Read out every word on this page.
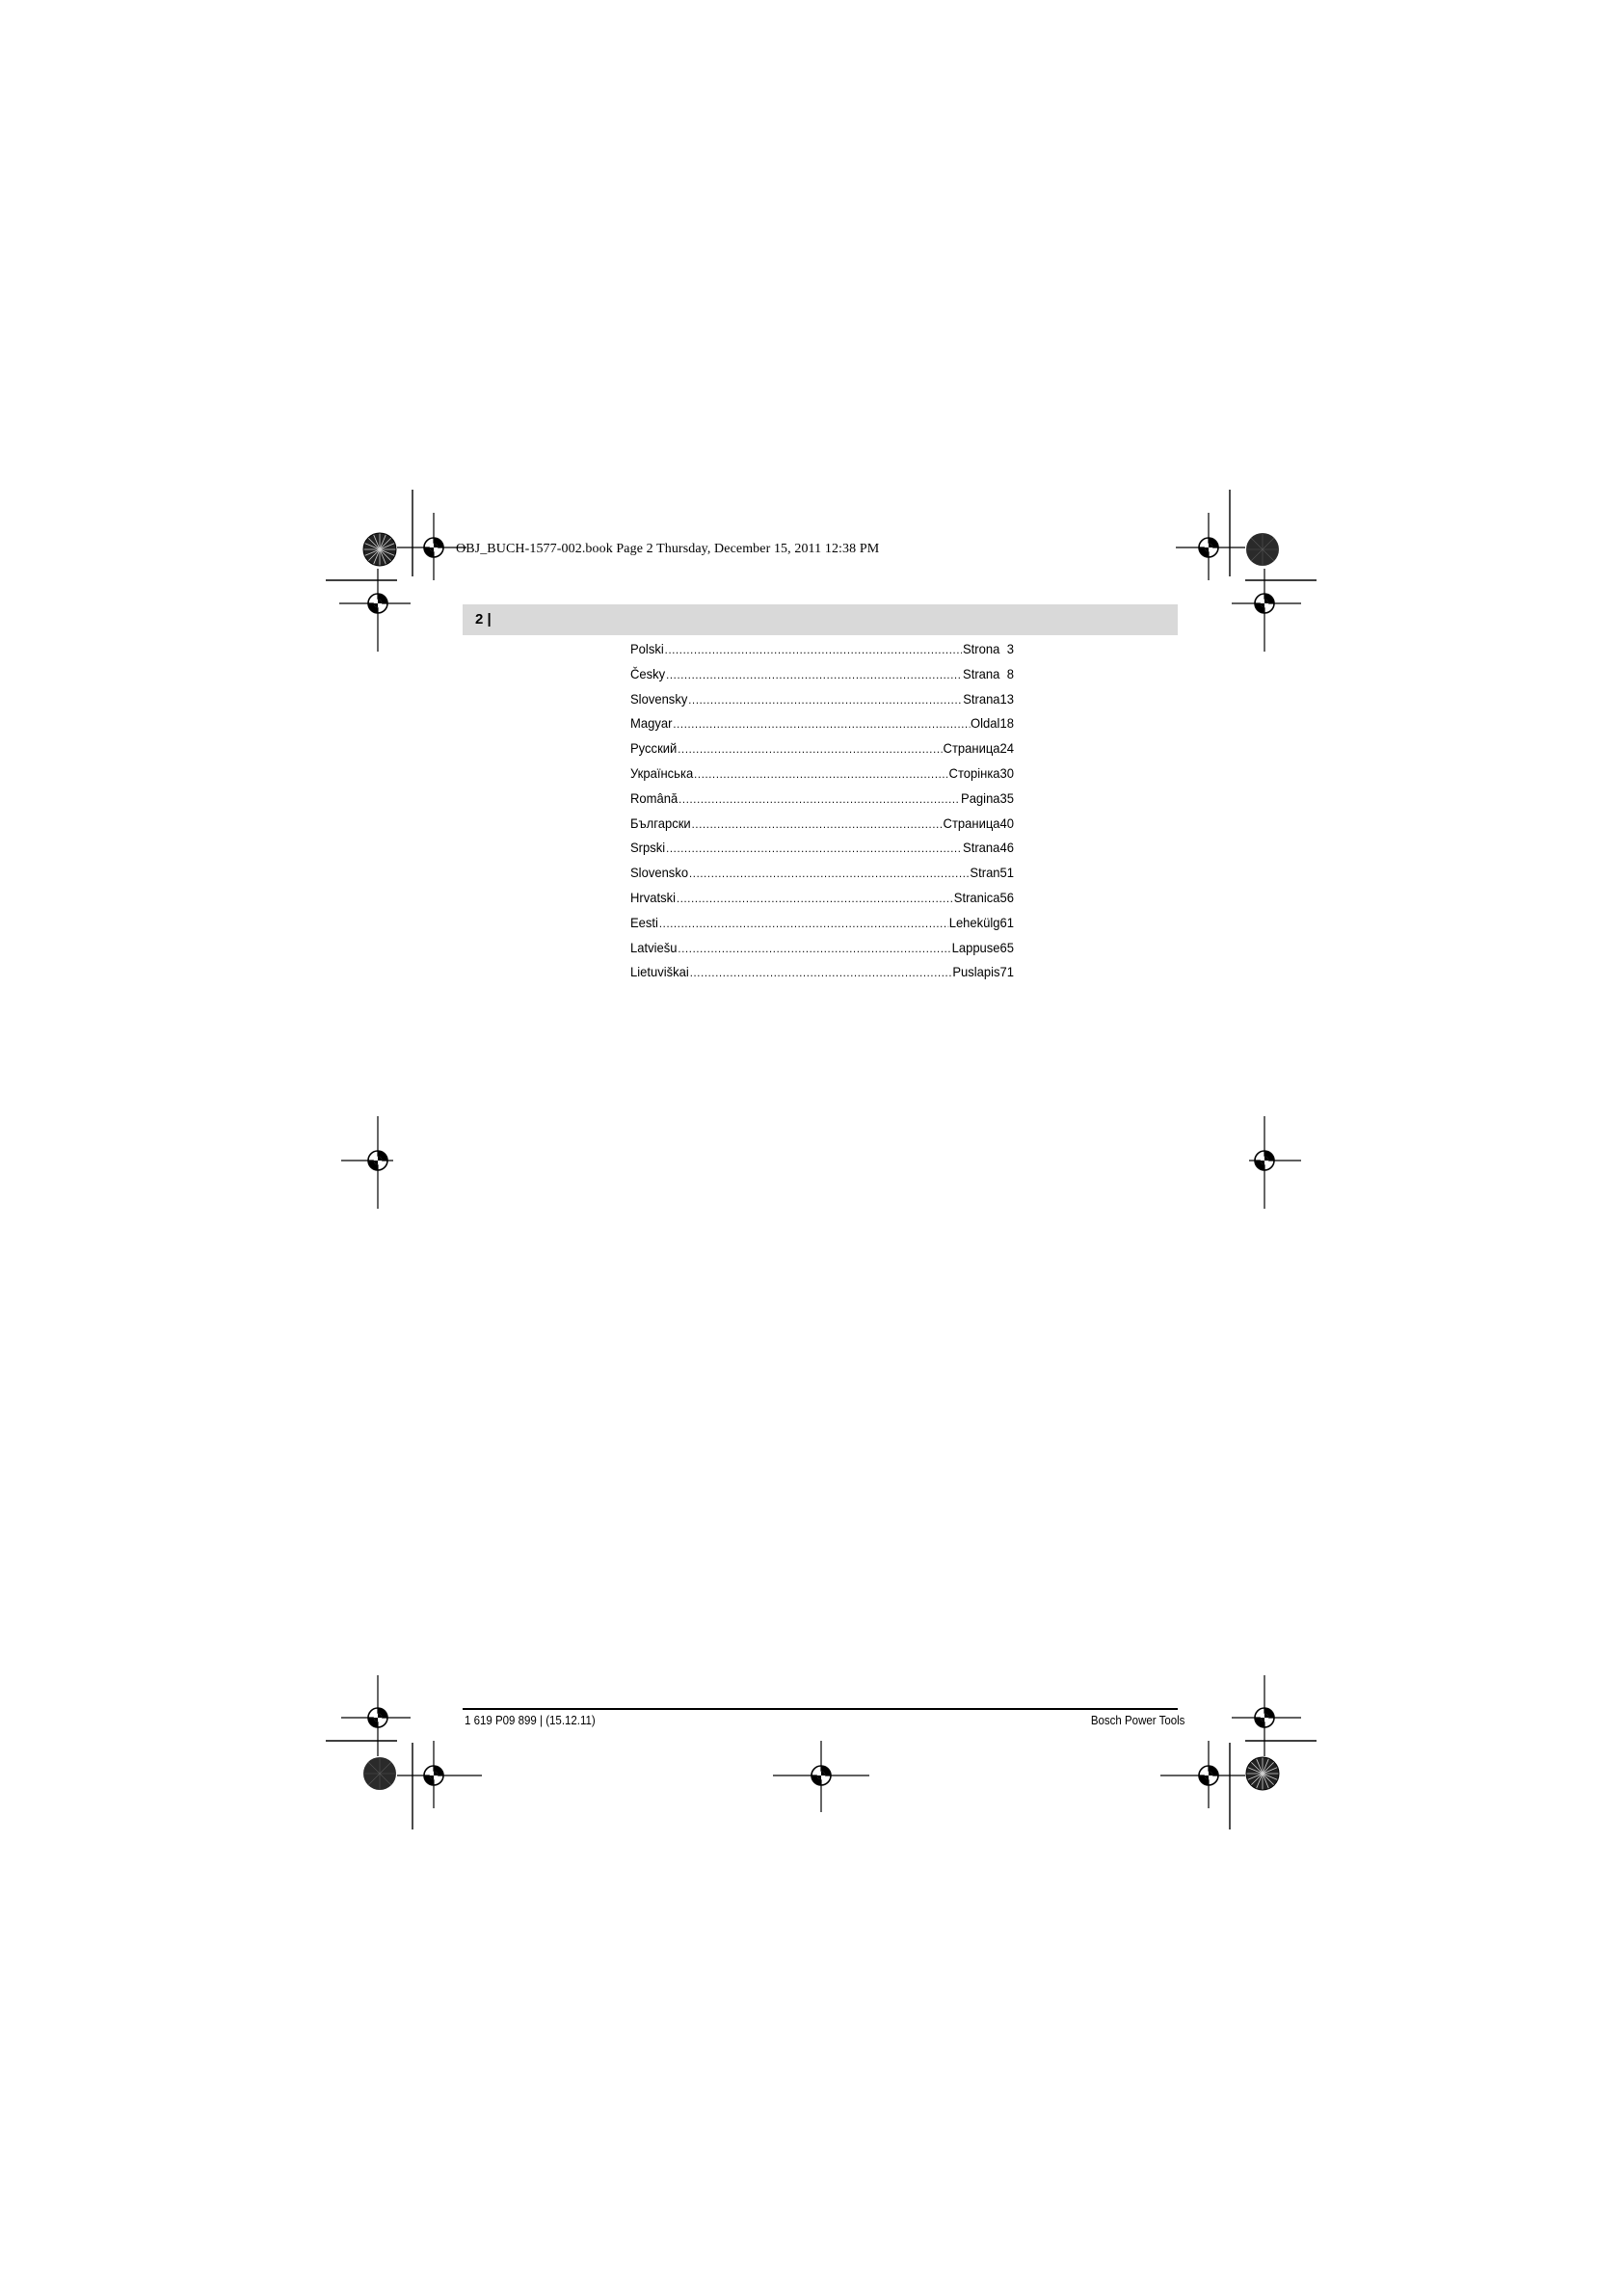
OBJ_BUCH-1577-002.book Page 2 Thursday, December 15, 2011 12:38 PM
2 |
Polski . . .	Strona 3
Česky . . .	Strana 8
Slovensky . . .	Strana 13
Magyar . . .	Oldal 18
Русский . . .	Страница 24
Українська . . .	Сторінка 30
Română . . .	Pagina 35
Български . . .	Страница 40
Srpski . . .	Strana 46
Slovensko . . .	Stran 51
Hrvatski . . .	Stranica 56
Eesti . . .	Lehekülg 61
Latviešu . . .	Lappuse 65
Lietuviškai . . .	Puslapis 71
1 619 P09 899 | (15.12.11)	Bosch Power Tools
